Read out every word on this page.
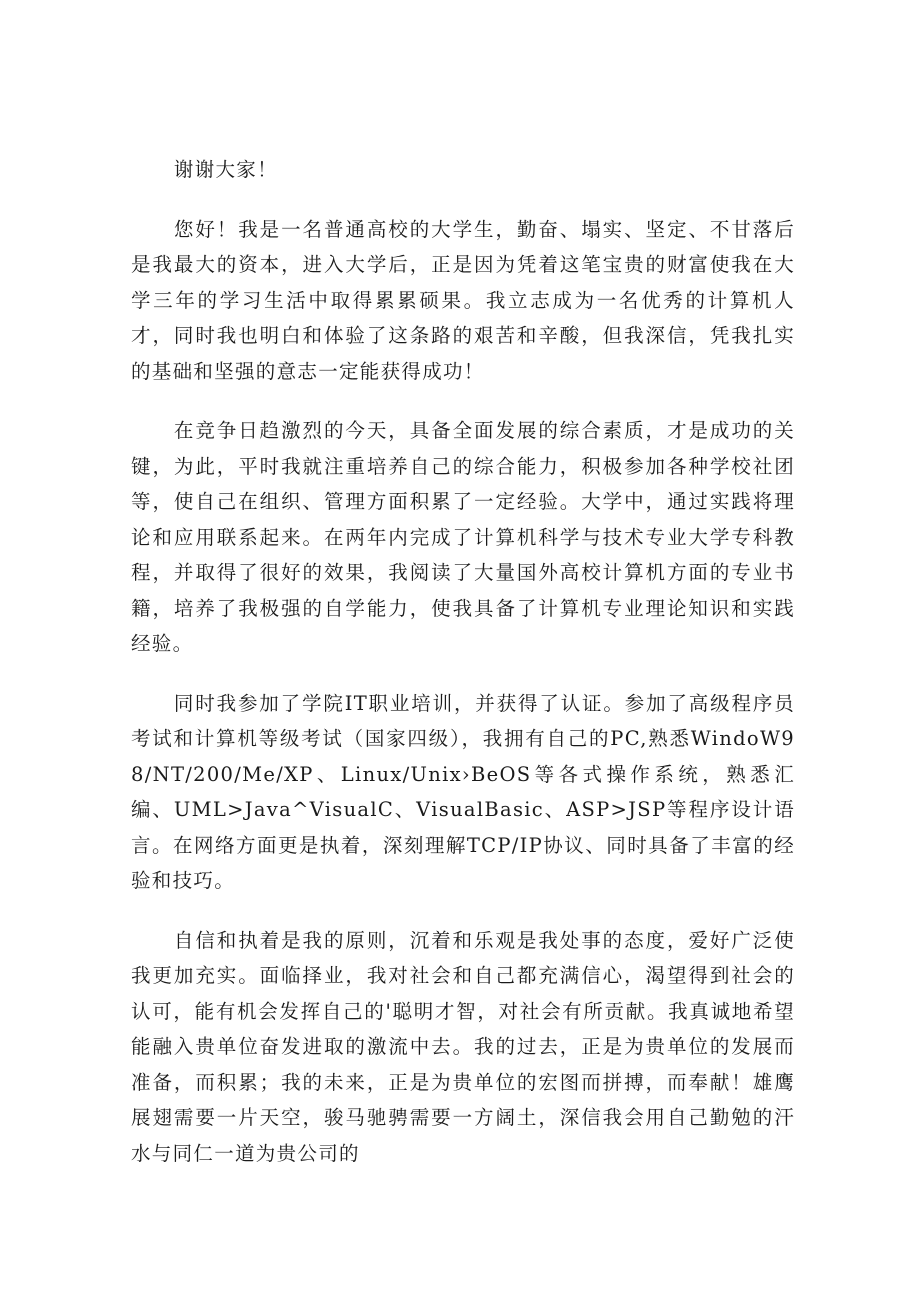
谢谢大家！

您好！我是一名普通高校的大学生，勤奋、塌实、坚定、不甘落后是我最大的资本，进入大学后，正是因为凭着这笔宝贵的财富使我在大学三年的学习生活中取得累累硕果。我立志成为一名优秀的计算机人才，同时我也明白和体验了这条路的艰苦和辛酸，但我深信，凭我扎实的基础和坚强的意志一定能获得成功！

在竞争日趋激烈的今天，具备全面发展的综合素质，才是成功的关键，为此，平时我就注重培养自己的综合能力，积极参加各种学校社团等，使自己在组织、管理方面积累了一定经验。大学中，通过实践将理论和应用联系起来。在两年内完成了计算机科学与技术专业大学专科教程，并取得了很好的效果，我阅读了大量国外高校计算机方面的专业书籍，培养了我极强的自学能力，使我具备了计算机专业理论知识和实践经验。

同时我参加了学院IT职业培训，并获得了认证。参加了高级程序员考试和计算机等级考试（国家四级），我拥有自己的PC,熟悉WindoW98∕NT∕200∕Me/XP、Linux∕Unix›BeOS等各式操作系统，熟悉汇编、UML>Java^VisualC、VisualBasic、ASP>JSP等程序设计语言。在网络方面更是执着，深刻理解TCP/IP协议、同时具备了丰富的经验和技巧。

自信和执着是我的原则，沉着和乐观是我处事的态度，爱好广泛使我更加充实。面临择业，我对社会和自己都充满信心，渴望得到社会的认可，能有机会发挥自己的'聪明才智，对社会有所贡献。我真诚地希望能融入贵单位奋发进取的激流中去。我的过去，正是为贵单位的发展而准备，而积累；我的未来，正是为贵单位的宏图而拼搏，而奉献！雄鹰展翅需要一片天空，骏马驰骋需要一方阔土，深信我会用自己勤勉的汗水与同仁一道为贵公司的
